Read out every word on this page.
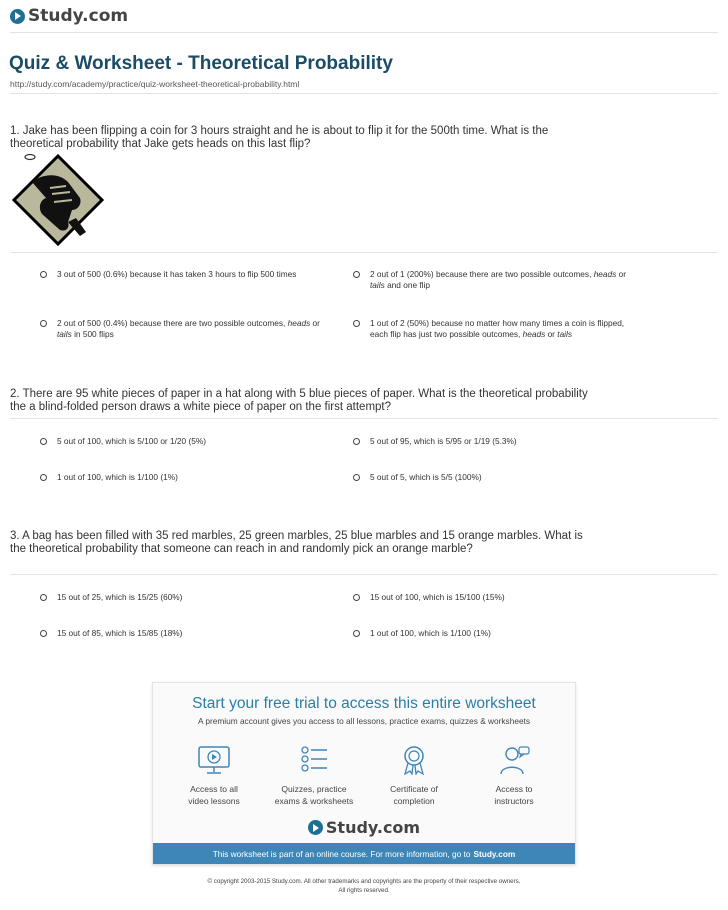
Study.com
Quiz & Worksheet - Theoretical Probability
http://study.com/academy/practice/quiz-worksheet-theoretical-probability.html
1. Jake has been flipping a coin for 3 hours straight and he is about to flip it for the 500th time. What is the theoretical probability that Jake gets heads on this last flip?
3 out of 500 (0.6%) because it has taken 3 hours to flip 500 times	2 out of 1 (200%) because there are two possible outcomes, heads or tails and one flip
2 out of 500 (0.4%) because there are two possible outcomes, heads or tails in 500 flips
1 out of 2 (50%) because no matter how many times a coin is flipped, each flip has just two possible outcomes, heads or tails
2. There are 95 white pieces of paper in a hat along with 5 blue pieces of paper. What is the theoretical probability the a blind-folded person draws a white piece of paper on the first attempt?
5 out of 100, which is 5/100 or 1/20 (5%)	5 out of 95, which is 5/95 or 1/19 (5.3%)
1 out of 100, which is 1/100 (1%)	5 out of 5, which is 5/5 (100%)
3. A bag has been filled with 35 red marbles, 25 green marbles, 25 blue marbles and 15 orange marbles. What is the theoretical probability that someone can reach in and randomly pick an orange marble?
15 out of 25, which is 15/25 (60%)	15 out of 100, which is 15/100 (15%)
15 out of 85, which is 15/85 (18%)	1 out of 100, which is 1/100 (1%)
Start your free trial to access this entire worksheet
A premium account gives you access to all lessons, practice exams, quizzes & worksheets
Access to all
video lessons
Quizzes, practice
exams & worksheets
Certificate of
completion
Access to
instructors
Study.com
This worksheet is part of an online course. For more information, go to Study.com
© copyright 2003-2015 Study.com. All other trademarks and copyrights are the property of their respective owners.
All rights reserved.
